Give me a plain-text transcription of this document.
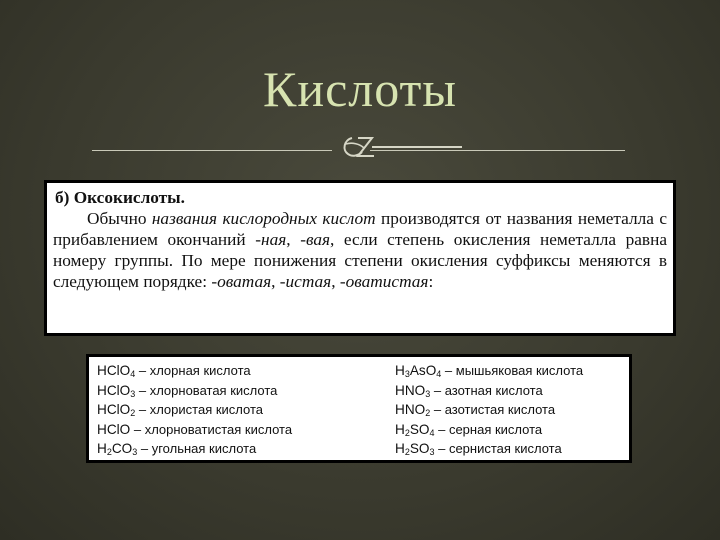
Кислоты
б) Оксокислоты.

Обычно названия кислородных кислот производятся от названия неметалла с прибавлением окончаний -ная, -вая, если степень окисления неметалла равна номеру группы. По мере понижения степени окисления суффиксы меняются в следующем порядке: -оватая, -истая, -оватистая:

HClO$_4$ – хлорная кислота
HClO$_3$ – хлорноватая кислота
HClO$_2$ – хлористая кислота
HClO – хлорноватистая кислота
$H_2CO_3$ – угольная кислота
$H_3AsO_4$ – мышьяковая кислота
$HNO_3$ – азотная кислота
$HNO_2$ – азотистая кислота
$H_2SO_4$ – серная кислота
$H_2SO_3$ – сернистая кислота
